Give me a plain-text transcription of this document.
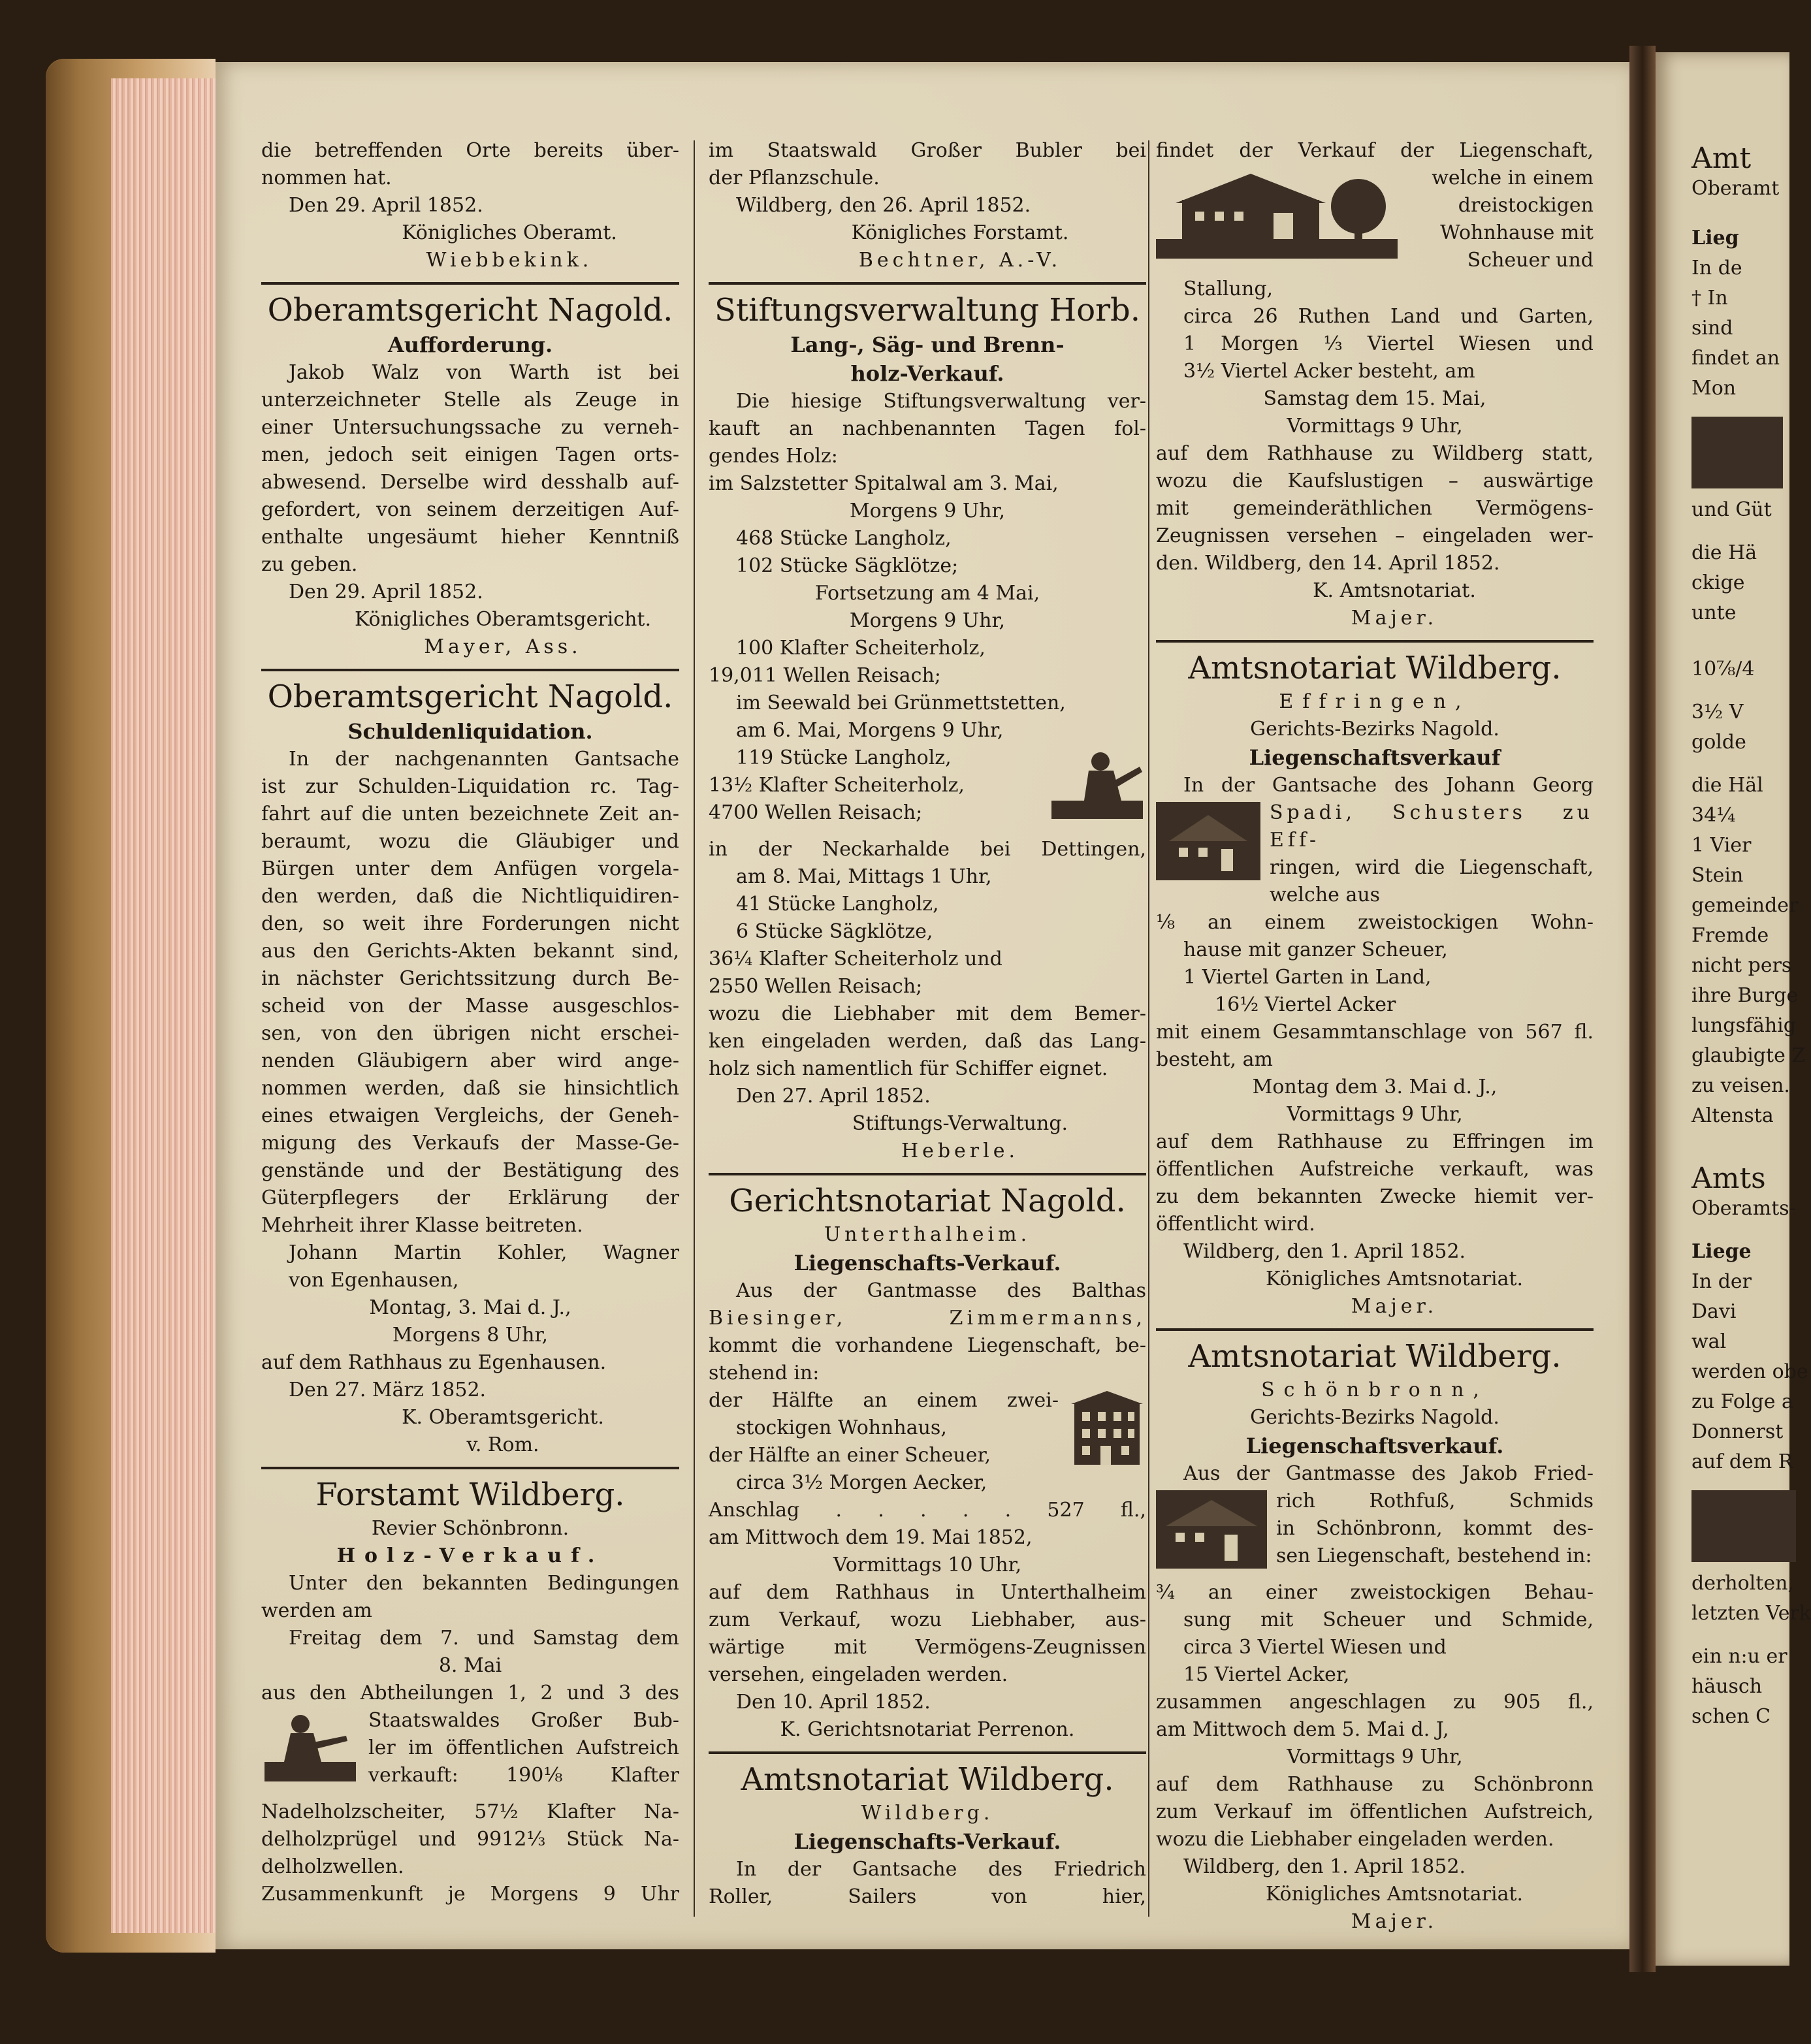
die betreffenden Orte bereits über-

nommen hat.

Den 29. April 1852.

Königliches Oberamt.

Wiebbekink.

Oberamtsgericht Nagold.

Aufforderung.

Jakob Walz von Warth ist bei

unterzeichneter Stelle als Zeuge in

einer Untersuchungssache zu verneh-

men, jedoch seit einigen Tagen orts-

abwesend. Derselbe wird desshalb auf-

gefordert, von seinem derzeitigen Auf-

enthalte ungesäumt hieher Kenntniß

zu geben.

Den 29. April 1852.

Königliches Oberamtsgericht.

Mayer, Ass.

Oberamtsgericht Nagold.

Schuldenliquidation.

In der nachgenannten Gantsache

ist zur Schulden-Liquidation rc. Tag-

fahrt auf die unten bezeichnete Zeit an-

beraumt, wozu die Gläubiger und

Bürgen unter dem Anfügen vorgela-

den werden, daß die Nichtliquidiren-

den, so weit ihre Forderungen nicht

aus den Gerichts-Akten bekannt sind,

in nächster Gerichtssitzung durch Be-

scheid von der Masse ausgeschlos-

sen, von den übrigen nicht erschei-

nenden Gläubigern aber wird ange-

nommen werden, daß sie hinsichtlich

eines etwaigen Vergleichs, der Geneh-

migung des Verkaufs der Masse-Ge-

genstände und der Bestätigung des

Güterpflegers der Erklärung der

Mehrheit ihrer Klasse beitreten.

Johann Martin Kohler, Wagner

von Egenhausen,

Montag, 3. Mai d. J.,

Morgens 8 Uhr,

auf dem Rathhaus zu Egenhausen.

Den 27. März 1852.

K. Oberamtsgericht.

v. Rom.

Forstamt Wildberg.

Revier Schönbronn.

Holz-Verkauf.

Unter den bekannten Bedingungen

werden am

Freitag dem 7. und Samstag dem

8. Mai

aus den Abtheilungen 1, 2 und 3 des

Staatswaldes Großer Bub-

ler im öffentlichen Aufstreich

verkauft: 190⅛ Klafter

Nadelholzscheiter, 57½ Klafter Na-

delholzprügel und 9912⅓ Stück Na-

delholzwellen.

Zusammenkunft je Morgens 9 Uhr

im Staatswald Großer Bubler bei

der Pflanzschule.

Wildberg, den 26. April 1852.

Königliches Forstamt.

Bechtner, A.-V.

Stiftungsverwaltung Horb.

Lang-, Säg- und Brenn-

holz-Verkauf.

Die hiesige Stiftungsverwaltung ver-

kauft an nachbenannten Tagen fol-

gendes Holz:

im Salzstetter Spitalwal am 3. Mai,

Morgens 9 Uhr,

468 Stücke Langholz,

102 Stücke Sägklötze;

Fortsetzung am 4 Mai,

Morgens 9 Uhr,

100 Klafter Scheiterholz,

19,011 Wellen Reisach;

im Seewald bei Grünmettstetten,

am 6. Mai, Morgens 9 Uhr,

119 Stücke Langholz,

13½ Klafter Scheiterholz,

4700 Wellen Reisach;

in der Neckarhalde bei Dettingen,

am 8. Mai, Mittags 1 Uhr,

41 Stücke Langholz,

6 Stücke Sägklötze,

36¼ Klafter Scheiterholz und

2550 Wellen Reisach;

wozu die Liebhaber mit dem Bemer-

ken eingeladen werden, daß das Lang-

holz sich namentlich für Schiffer eignet.

Den 27. April 1852.

Stiftungs-Verwaltung.

Heberle.

Gerichtsnotariat Nagold.

Unterthalheim.

Liegenschafts-Verkauf.

Aus der Gantmasse des Balthas

Biesinger, Zimmermanns,

kommt die vorhandene Liegenschaft, be-

stehend in:

der Hälfte an einem zwei-

stockigen Wohnhaus,

der Hälfte an einer Scheuer,

circa 3½ Morgen Aecker,

Anschlag . . . . . 527 fl.,

am Mittwoch dem 19. Mai 1852,

Vormittags 10 Uhr,

auf dem Rathhaus in Unterthalheim

zum Verkauf, wozu Liebhaber, aus-

wärtige mit Vermögens-Zeugnissen

versehen, eingeladen werden.

Den 10. April 1852.

K. Gerichtsnotariat Perrenon.

Amtsnotariat Wildberg.

Wildberg.

Liegenschafts-Verkauf.

In der Gantsache des Friedrich

Roller, Sailers von hier,

findet der Verkauf der Liegenschaft,

welche in einem

dreistockigen

Wohnhause mit

Scheuer und

Stallung,

circa 26 Ruthen Land und Garten,

1 Morgen ⅓ Viertel Wiesen und

3½ Viertel Acker besteht, am

Samstag dem 15. Mai,

Vormittags 9 Uhr,

auf dem Rathhause zu Wildberg statt,

wozu die Kaufslustigen – auswärtige

mit gemeinderäthlichen Vermögens-

Zeugnissen versehen – eingeladen wer-

den. Wildberg, den 14. April 1852.

K. Amtsnotariat.

Majer.

Amtsnotariat Wildberg.

Effringen,

Gerichts-Bezirks Nagold.

Liegenschaftsverkauf

In der Gantsache des Johann Georg

Spadi, Schusters zu Eff-

ringen, wird die Liegenschaft,

welche aus

⅛ an einem zweistockigen Wohn-

hause mit ganzer Scheuer,

1 Viertel Garten in Land,

16½ Viertel Acker

mit einem Gesammtanschlage von 567 fl.

besteht, am

Montag dem 3. Mai d. J.,

Vormittags 9 Uhr,

auf dem Rathhause zu Effringen im

öffentlichen Aufstreiche verkauft, was

zu dem bekannten Zwecke hiemit ver-

öffentlicht wird.

Wildberg, den 1. April 1852.

Königliches Amtsnotariat.

Majer.

Amtsnotariat Wildberg.

Schönbronn,

Gerichts-Bezirks Nagold.

Liegenschaftsverkauf.

Aus der Gantmasse des Jakob Fried-

rich Rothfuß, Schmids

in Schönbronn, kommt des-

sen Liegenschaft, bestehend in:

¾ an einer zweistockigen Behau-

sung mit Scheuer und Schmide,

circa 3 Viertel Wiesen und

15 Viertel Acker,

zusammen angeschlagen zu 905 fl.,

am Mittwoch dem 5. Mai d. J,

Vormittags 9 Uhr,

auf dem Rathhause zu Schönbronn

zum Verkauf im öffentlichen Aufstreich,

wozu die Liebhaber eingeladen werden.

Wildberg, den 1. April 1852.

Königliches Amtsnotariat.

Majer.

Amt

Oberamt

Lieg

In de

† In

sind

findet an

Mon

und Güt

die Hä

ckige

unte

10⅞/4

3½ V

golde

die Häl

34¼

1 Vier

Stein

gemeinder

Fremde

nicht pers

ihre Burge

lungsfähig

glaubigte Z

zu veisen.

Altensta

Amts

Oberamts-

Liege

In der

Davi

wal

werden obe

zu Folge a

Donnerst

auf dem R

derholten,

letzten Verk

ein n:u er

häusch

schen C
